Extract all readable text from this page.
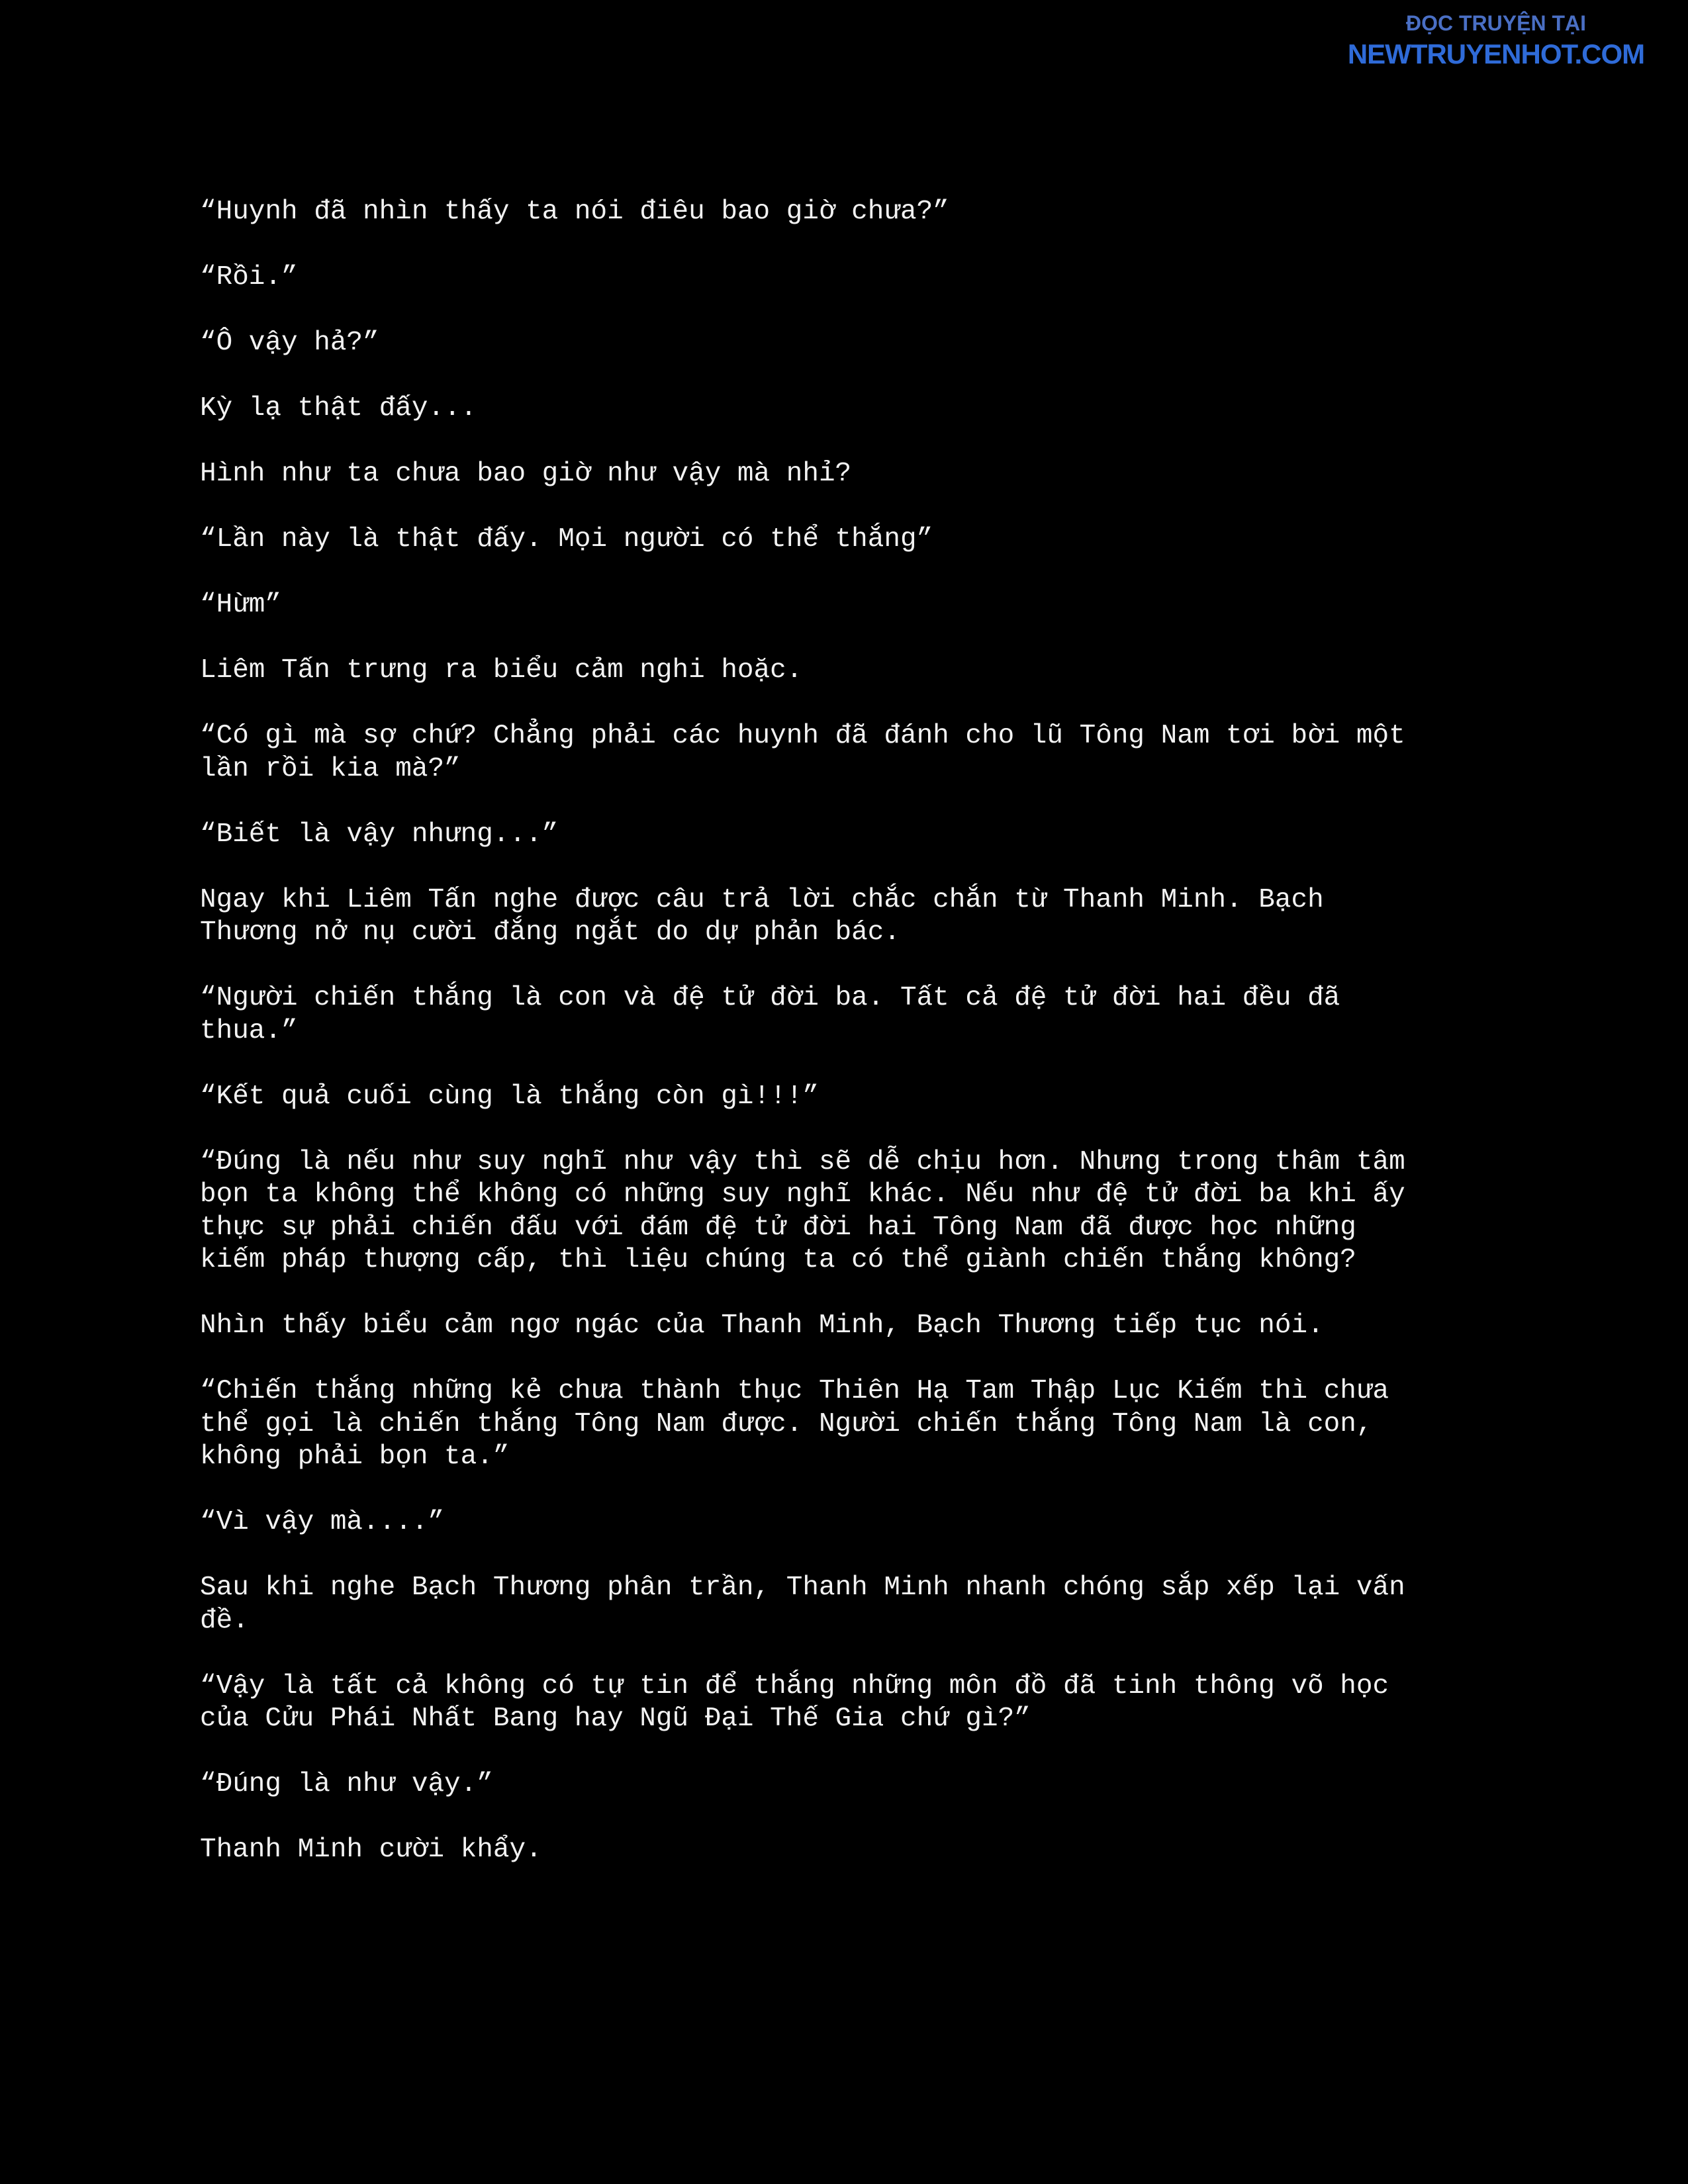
ĐỌC TRUYỆN TẠI
NEWTRUYENHOT.COM

“Huynh đã nhìn thấy ta nói điêu bao giờ chưa?”

“Rồi.”

“Ô vậy hả?”

Kỳ lạ thật đấy...

Hình như ta chưa bao giờ như vậy mà nhỉ?

“Lần này là thật đấy. Mọi người có thể thắng”

“Hừm”

Liêm Tấn trưng ra biểu cảm nghi hoặc.

“Có gì mà sợ chứ? Chẳng phải các huynh đã đánh cho lũ Tông Nam tơi bời một
lần rồi kia mà?”

“Biết là vậy nhưng...”

Ngay khi Liêm Tấn nghe được câu trả lời chắc chắn từ Thanh Minh. Bạch
Thương nở nụ cười đắng ngắt do dự phản bác.

“Người chiến thắng là con và đệ tử đời ba. Tất cả đệ tử đời hai đều đã
thua.”

“Kết quả cuối cùng là thắng còn gì!!!”

“Đúng là nếu như suy nghĩ như vậy thì sẽ dễ chịu hơn. Nhưng trong thâm tâm
bọn ta không thể không có những suy nghĩ khác. Nếu như đệ tử đời ba khi ấy
thực sự phải chiến đấu với đám đệ tử đời hai Tông Nam đã được học những
kiếm pháp thượng cấp, thì liệu chúng ta có thể giành chiến thắng không?

Nhìn thấy biểu cảm ngơ ngác của Thanh Minh, Bạch Thương tiếp tục nói.

“Chiến thắng những kẻ chưa thành thục Thiên Hạ Tam Thập Lục Kiếm thì chưa
thể gọi là chiến thắng Tông Nam được. Người chiến thắng Tông Nam là con,
không phải bọn ta.”

“Vì vậy mà....”

Sau khi nghe Bạch Thương phân trần, Thanh Minh nhanh chóng sắp xếp lại vấn
đề.

“Vậy là tất cả không có tự tin để thắng những môn đồ đã tinh thông võ học
của Cửu Phái Nhất Bang hay Ngũ Đại Thế Gia chứ gì?”

“Đúng là như vậy.”

Thanh Minh cười khẩy.
